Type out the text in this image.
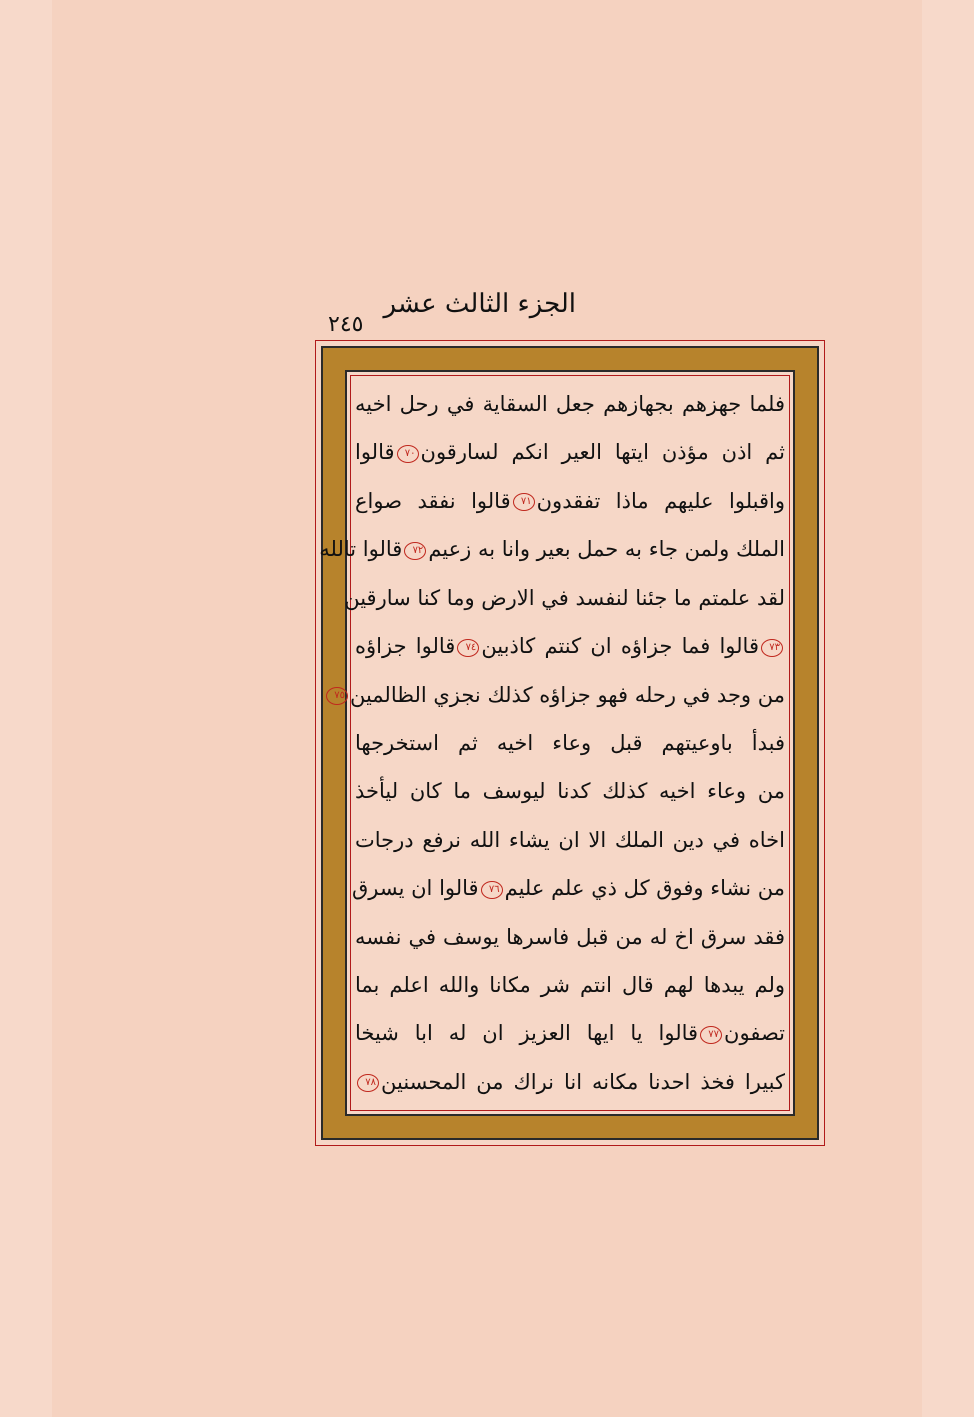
الجزء الثالث عشر
٢٤٥
فلما جهزهم بجهازهم جعل السقاية في رحل اخيه
ثم اذن مؤذن ايتها العير انكم لسارقون٧٠قالوا
واقبلوا عليهم ماذا تفقدون٧١قالوا نفقد صواع
الملك ولمن جاء به حمل بعير وانا به زعيم٧٢قالوا تالله
لقد علمتم ما جئنا لنفسد في الارض وما كنا سارقين
٧٣قالوا فما جزاؤه ان كنتم كاذبين٧٤قالوا جزاؤه
من وجد في رحله فهو جزاؤه كذلك نجزي الظالمين٧٥
فبدأ باوعيتهم قبل وعاء اخيه ثم استخرجها
من وعاء اخيه كذلك كدنا ليوسف ما كان ليأخذ
اخاه في دين الملك الا ان يشاء الله نرفع درجات
من نشاء وفوق كل ذي علم عليم٧٦قالوا ان يسرق
فقد سرق اخ له من قبل فاسرها يوسف في نفسه
ولم يبدها لهم قال انتم شر مكانا والله اعلم بما
تصفون٧٧قالوا يا ايها العزيز ان له ابا شيخا
كبيرا فخذ احدنا مكانه انا نراك من المحسنين٧٨
